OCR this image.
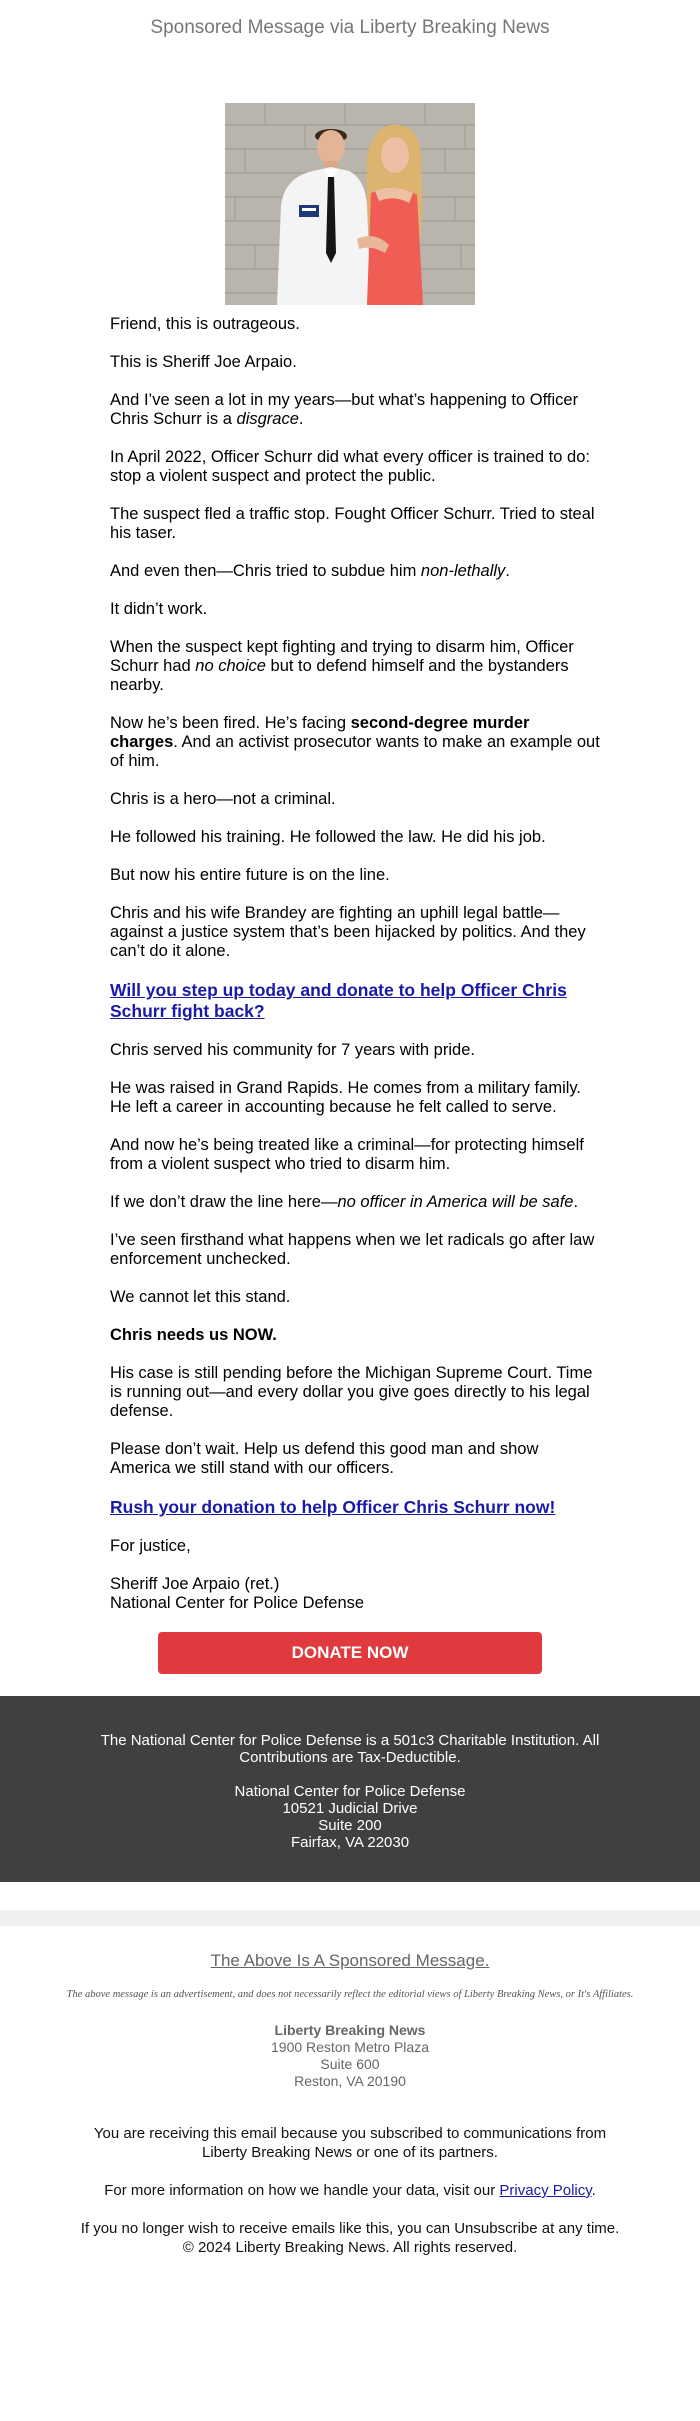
Sponsored Message via Liberty Breaking News

Friend, this is outrageous.

This is Sheriff Joe Arpaio.

And I’ve seen a lot in my years—but what’s happening to Officer Chris Schurr is a disgrace.

In April 2022, Officer Schurr did what every officer is trained to do: stop a violent suspect and protect the public.

The suspect fled a traffic stop. Fought Officer Schurr. Tried to steal his taser.

And even then—Chris tried to subdue him non-lethally.

It didn’t work.

When the suspect kept fighting and trying to disarm him, Officer Schurr had no choice but to defend himself and the bystanders nearby.

Now he’s been fired. He’s facing second-degree murder charges. And an activist prosecutor wants to make an example out of him.

Chris is a hero—not a criminal.

He followed his training. He followed the law. He did his job.

But now his entire future is on the line.

Chris and his wife Brandey are fighting an uphill legal battle—against a justice system that’s been hijacked by politics. And they can’t do it alone.

Will you step up today and donate to help Officer Chris Schurr fight back?

Chris served his community for 7 years with pride.

He was raised in Grand Rapids. He comes from a military family. He left a career in accounting because he felt called to serve.

And now he’s being treated like a criminal—for protecting himself from a violent suspect who tried to disarm him.

If we don’t draw the line here—no officer in America will be safe.

I’ve seen firsthand what happens when we let radicals go after law enforcement unchecked.

We cannot let this stand.

Chris needs us NOW.

His case is still pending before the Michigan Supreme Court. Time is running out—and every dollar you give goes directly to his legal defense.

Please don’t wait. Help us defend this good man and show America we still stand with our officers.

Rush your donation to help Officer Chris Schurr now!

For justice,

Sheriff Joe Arpaio (ret.)
National Center for Police Defense

DONATE NOW
The National Center for Police Defense is a 501c3 Charitable Institution. All Contributions are Tax-Deductible.
National Center for Police Defense
10521 Judicial Drive
Suite 200
Fairfax, VA 22030
The Above Is A Sponsored Message.
The above message is an advertisement, and does not necessarily reflect the editorial views of Liberty Breaking News, or It's Affiliates.
Liberty Breaking News
1900 Reston Metro Plaza
Suite 600
Reston, VA 20190

You are receiving this email because you subscribed to communications from Liberty Breaking News or one of its partners.

For more information on how we handle your data, visit our Privacy Policy.

If you no longer wish to receive emails like this, you can Unsubscribe at any time.
© 2024 Liberty Breaking News. All rights reserved.
